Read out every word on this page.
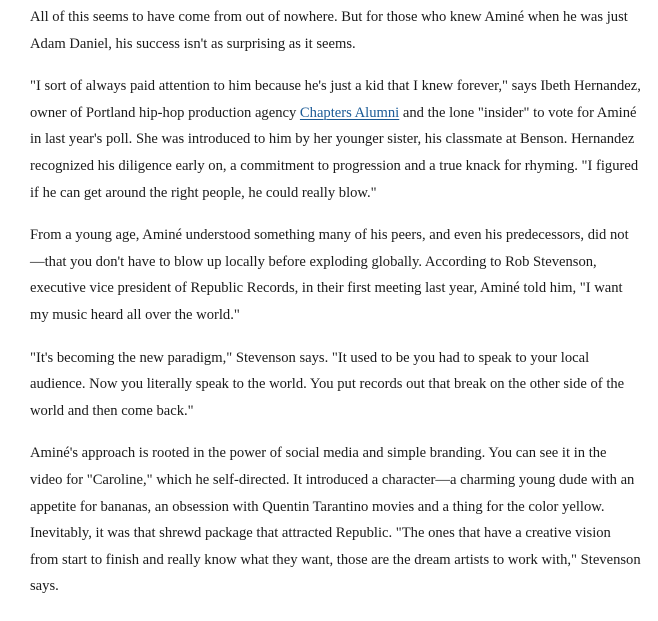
All of this seems to have come from out of nowhere. But for those who knew Aminé when he was just Adam Daniel, his success isn't as surprising as it seems.

"I sort of always paid attention to him because he's just a kid that I knew forever," says Ibeth Hernandez, owner of Portland hip-hop production agency Chapters Alumni and the lone "insider" to vote for Aminé in last year's poll. She was introduced to him by her younger sister, his classmate at Benson. Hernandez recognized his diligence early on, a commitment to progression and a true knack for rhyming. "I figured if he can get around the right people, he could really blow."

From a young age, Aminé understood something many of his peers, and even his predecessors, did not—that you don't have to blow up locally before exploding globally. According to Rob Stevenson, executive vice president of Republic Records, in their first meeting last year, Aminé told him, "I want my music heard all over the world."

"It's becoming the new paradigm," Stevenson says. "It used to be you had to speak to your local audience. Now you literally speak to the world. You put records out that break on the other side of the world and then come back."

Aminé's approach is rooted in the power of social media and simple branding. You can see it in the video for "Caroline," which he self-directed. It introduced a character—a charming young dude with an appetite for bananas, an obsession with Quentin Tarantino movies and a thing for the color yellow. Inevitably, it was that shrewd package that attracted Republic. "The ones that have a creative vision from start to finish and really know what they want, those are the dream artists to work with," Stevenson says.
